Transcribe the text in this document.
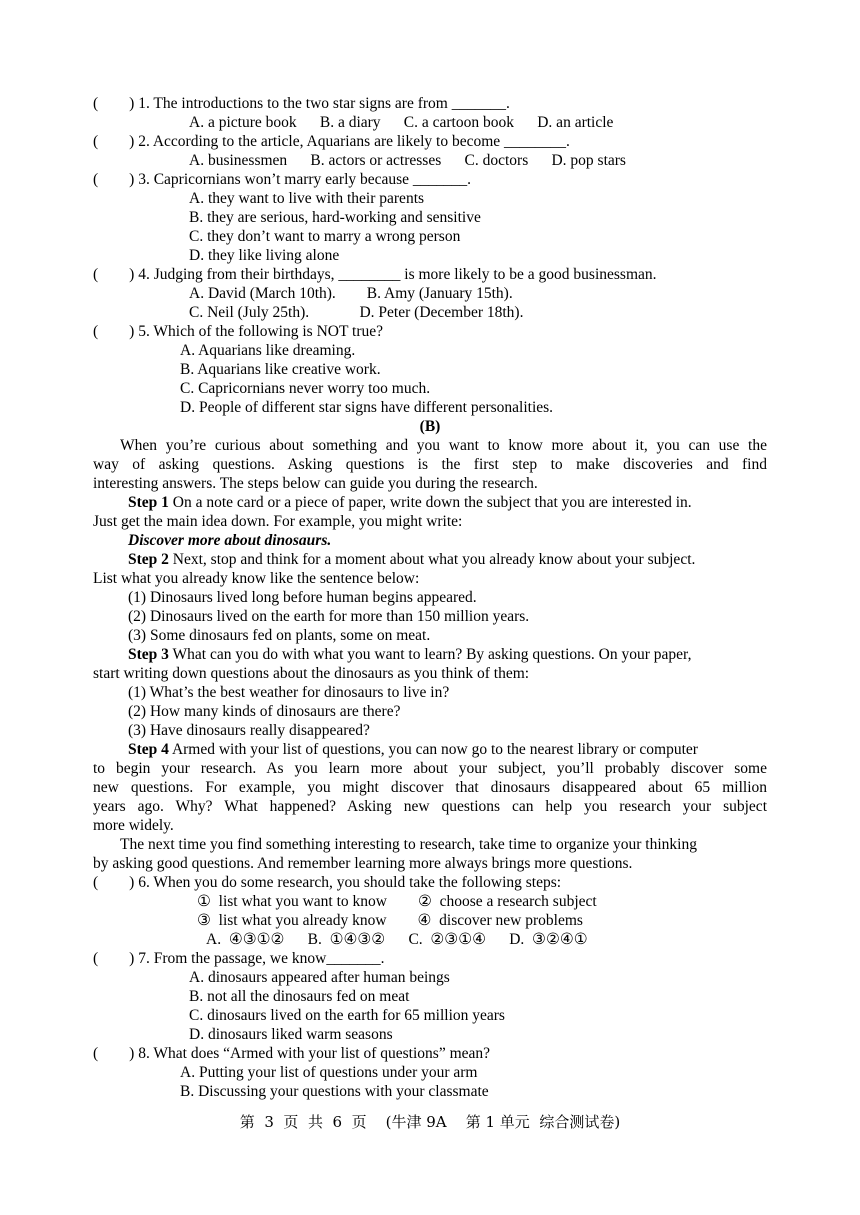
(        ) 1. The introductions to the two star signs are from _______.
A. a picture book      B. a diary      C. a cartoon book      D. an article
(        ) 2. According to the article, Aquarians are likely to become ________.
A. businessmen      B. actors or actresses      C. doctors      D. pop stars
(        ) 3. Capricornians won’t marry early because _______.
A. they want to live with their parents
B. they are serious, hard-working and sensitive
C. they don’t want to marry a wrong person
D. they like living alone
(        ) 4. Judging from their birthdays, ________ is more likely to be a good businessman.
A. David (March 10th).        B. Amy (January 15th).
C. Neil (July 25th).             D. Peter (December 18th).
(        ) 5. Which of the following is NOT true?
A. Aquarians like dreaming.
B. Aquarians like creative work.
C. Capricornians never worry too much.
D. People of different star signs have different personalities.
(B)
When you’re curious about something and you want to know more about it, you can use the
way of asking questions. Asking questions is the first step to make discoveries and find
interesting answers. The steps below can guide you during the research.
Step 1 On a note card or a piece of paper, write down the subject that you are interested in.
Just get the main idea down. For example, you might write:
Discover more about dinosaurs.
Step 2 Next, stop and think for a moment about what you already know about your subject.
List what you already know like the sentence below:
(1) Dinosaurs lived long before human begins appeared.
(2) Dinosaurs lived on the earth for more than 150 million years.
(3) Some dinosaurs fed on plants, some on meat.
Step 3 What can you do with what you want to learn? By asking questions. On your paper,
start writing down questions about the dinosaurs as you think of them:
(1) What’s the best weather for dinosaurs to live in?
(2) How many kinds of dinosaurs are there?
(3) Have dinosaurs really disappeared?
Step 4 Armed with your list of questions, you can now go to the nearest library or computer
to begin your research. As you learn more about your subject, you’ll probably discover some
new questions. For example, you might discover that dinosaurs disappeared about 65 million
years ago. Why? What happened? Asking new questions can help you research your subject
more widely.
The next time you find something interesting to research, take time to organize your thinking
by asking good questions. And remember learning more always brings more questions.
(        ) 6. When you do some research, you should take the following steps:
①  list what you want to know        ②  choose a research subject
③  list what you already know        ④  discover new problems
A.  ④③①②      B.  ①④③②      C.  ②③①④      D.  ③②④①
(        ) 7. From the passage, we know_______.
A. dinosaurs appeared after human beings
B. not all the dinosaurs fed on meat
C. dinosaurs lived on the earth for 65 million years
D. dinosaurs liked warm seasons
(        ) 8. What does “Armed with your list of questions” mean?
A. Putting your list of questions under your arm
B. Discussing your questions with your classmate
第  3  页  共  6  页    (牛津 9A    第 1 单元  综合测试卷)
